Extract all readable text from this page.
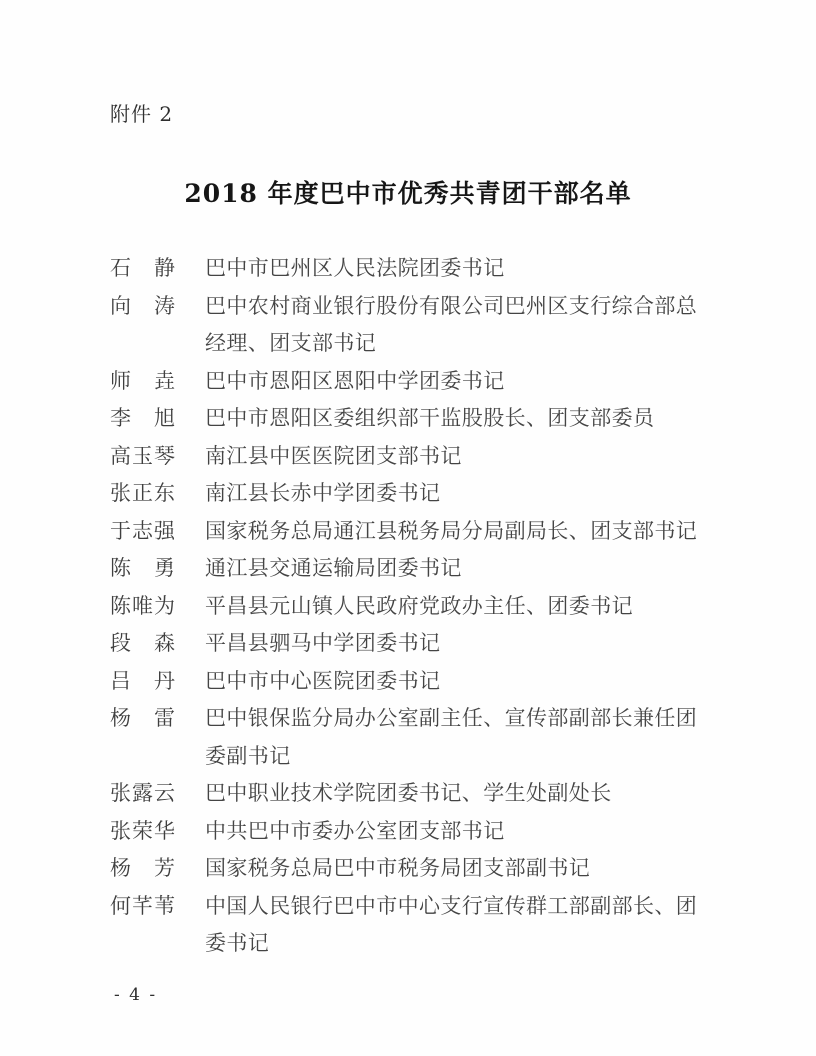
附件 2
2018 年度巴中市优秀共青团干部名单
石　静 巴中市巴州区人民法院团委书记
向　涛 巴中农村商业银行股份有限公司巴州区支行综合部总经理、团支部书记
师　垚 巴中市恩阳区恩阳中学团委书记
李　旭 巴中市恩阳区委组织部干监股股长、团支部委员
高玉琴 南江县中医医院团支部书记
张正东 南江县长赤中学团委书记
于志强 国家税务总局通江县税务局分局副局长、团支部书记
陈　勇 通江县交通运输局团委书记
陈唯为 平昌县元山镇人民政府党政办主任、团委书记
段　森 平昌县驷马中学团委书记
吕　丹 巴中市中心医院团委书记
杨　雷 巴中银保监分局办公室副主任、宣传部副部长兼任团委副书记
张露云 巴中职业技术学院团委书记、学生处副处长
张荣华 中共巴中市委办公室团支部书记
杨　芳 国家税务总局巴中市税务局团支部副书记
何芊苇 中国人民银行巴中市中心支行宣传群工部副部长、团委书记
- 4 -
